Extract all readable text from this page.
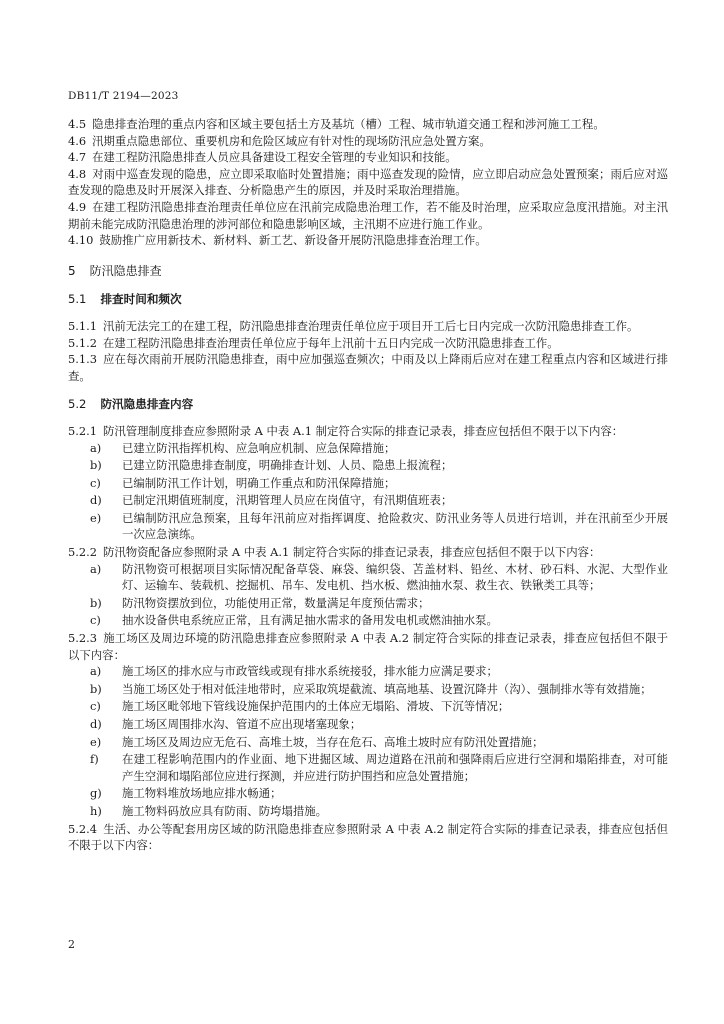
DB11/T 2194—2023

4.5 隐患排查治理的重点内容和区域主要包括土方及基坑（槽）工程、城市轨道交通工程和涉河施工工程。

4.6 汛期重点隐患部位、重要机房和危险区域应有针对性的现场防汛应急处置方案。

4.7 在建工程防汛隐患排查人员应具备建设工程安全管理的专业知识和技能。

4.8 对雨中巡查发现的隐患，应立即采取临时处置措施；雨中巡查发现的险情，应立即启动应急处置预案；雨后应对巡查发现的隐患及时开展深入排查、分析隐患产生的原因，并及时采取治理措施。

4.9 在建工程防汛隐患排查治理责任单位应在汛前完成隐患治理工作，若不能及时治理，应采取应急度汛措施。对主汛期前未能完成防汛隐患治理的涉河部位和隐患影响区域，主汛期不应进行施工作业。

4.10 鼓励推广应用新技术、新材料、新工艺、新设备开展防汛隐患排查治理工作。

5 防汛隐患排查
5.1 排查时间和频次

5.1.1 汛前无法完工的在建工程，防汛隐患排查治理责任单位应于项目开工后七日内完成一次防汛隐患排查工作。

5.1.2 在建工程防汛隐患排查治理责任单位应于每年上汛前十五日内完成一次防汛隐患排查工作。

5.1.3 应在每次雨前开展防汛隐患排查，雨中应加强巡查频次；中雨及以上降雨后应对在建工程重点内容和区域进行排查。

5.2 防汛隐患排查内容

5.2.1 防汛管理制度排查应参照附录 A 中表 A.1 制定符合实际的排查记录表，排查应包括但不限于以下内容：

a)	已建立防汛指挥机构、应急响应机制、应急保障措施；
b)	已建立防汛隐患排查制度，明确排查计划、人员、隐患上报流程；
c)	已编制防汛工作计划，明确工作重点和防汛保障措施；
d)	已制定汛期值班制度，汛期管理人员应在岗值守，有汛期值班表；
e)	已编制防汛应急预案，且每年汛前应对指挥调度、抢险救灾、防汛业务等人员进行培训，并在汛前至少开展一次应急演练。

5.2.2 防汛物资配备应参照附录 A 中表 A.1 制定符合实际的排查记录表，排查应包括但不限于以下内容：

a)	防汛物资可根据项目实际情况配备草袋、麻袋、编织袋、苫盖材料、铅丝、木材、砂石料、水泥、大型作业灯、运输车、装载机、挖掘机、吊车、发电机、挡水板、燃油抽水泵、救生衣、铁锹类工具等；
b)	防汛物资摆放到位，功能使用正常，数量满足年度预估需求；
c)	抽水设备供电系统应正常，且有满足抽水需求的备用发电机或燃油抽水泵。

5.2.3 施工场区及周边环境的防汛隐患排查应参照附录 A 中表 A.2 制定符合实际的排查记录表，排查应包括但不限于以下内容：

a)	施工场区的排水应与市政管线或现有排水系统接驳，排水能力应满足要求；
b)	当施工场区处于相对低洼地带时，应采取筑堤截流、填高地基、设置沉降井（沟）、强制排水等有效措施；
c)	施工场区毗邻地下管线设施保护范围内的土体应无塌陷、滑坡、下沉等情况；
d)	施工场区周围排水沟、管道不应出现堵塞现象；
e)	施工场区及周边应无危石、高堆土坡，当存在危石、高堆土坡时应有防汛处置措施；
f)	在建工程影响范围内的作业面、地下进掘区域、周边道路在汛前和强降雨后应进行空洞和塌陷排查，对可能产生空洞和塌陷部位应进行探测，并应进行防护围挡和应急处置措施；
g)	施工物料堆放场地应排水畅通；
h)	施工物料码放应具有防雨、防垮塌措施。

5.2.4 生活、办公等配套用房区域的防汛隐患排查应参照附录 A 中表 A.2 制定符合实际的排查记录表，排查应包括但不限于以下内容：

2
